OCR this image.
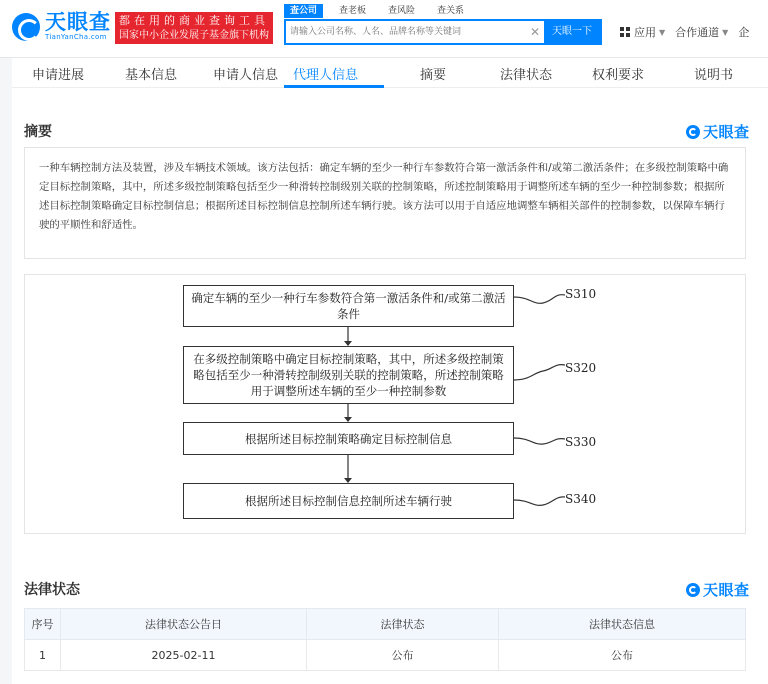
天眼查
TianYanCha.com
都在用的商业查询工具
国家中小企业发展子基金旗下机构
查公司	查老板 查风险 查关系
请输入公司名称、人名、品牌名称等关键词
✕	天眼一下	应用 ▼ 合作通道 ▼ 企
申请进展	基本信息	申请人信息 代理人信息	摘要	法律状态	权利要求	说明书
摘要	天眼查
一种车辆控制方法及装置，涉及车辆技术领域。该方法包括：确定车辆的至少一种行车参数符合第一激活条件和/或第二激活条件；在多级控制策略中确定目标控制策略，其中，所述多级控制策略包括至少一种滑转控制级别关联的控制策略，所述控制策略用于调整所述车辆的至少一种控制参数；根据所述目标控制策略确定目标控制信息；根据所述目标控制信息控制所述车辆行驶。该方法可以用于自适应地调整车辆相关部件的控制参数，以保障车辆行驶的平顺性和舒适性。
确定车辆的至少一种行车参数符合第一激活条件和/或第二激活条件
S310
在多级控制策略中确定目标控制策略，其中，所述多级控制策略包括至少一种滑转控制级别关联的控制策略，所述控制策略用于调整所述车辆的至少一种控制参数
S320
根据所述目标控制策略确定目标控制信息	S330
根据所述目标控制信息控制所述车辆行驶	S340
法律状态	天眼查
序号	法律状态公告日	法律状态	法律状态信息
1	2025-02-11	公布	公布
